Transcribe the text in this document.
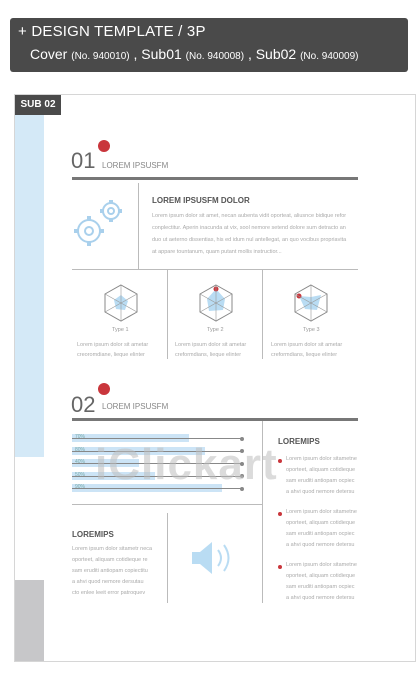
+ DESIGN TEMPLATE / 3P
Cover (No. 940010) , Sub01 (No. 940008) , Sub02 (No. 940009)
SUB 02
01 LOREM IPSUSFM
LOREM IPSUSFM DOLOR
Lorem ipsum dolor sit amet, necan aubenta vidit oporteat, aliusnce bidique refor
conplectitur. Aperin inacunda at vix, sool nemore setend dolore sum detracto an
duo ut aeterno dissentias, his ed idum nul antellegat, an quo vocibus propriavita
at appare tountanum, quam putant mollis instructior...
Type 1
Lorem ipsum dolor sit ametar
creoromdiane, lieque elinter
Type 2
Lorem ipsum dolor sit ametar
creformdians, lieque elinter
Type 3
Lorem ipsum dolor sit ametar
creformdians, lieque elinter
02 LOREM IPSUSFM
70%
80%
40%
50%
90%
LOREMIPS
Lorem ipsum dolor sitametr neca
oporteet, aliquam cotidieque re
sam eruditi antiopam copiectitu
a ahvi quod nemore dersutau
cto enlee leeit error patroquev
LOREMIPS
Lorem ipsum dolor sitametne
oporteet, aliquam cotidieque
sam eruditi antiopam ocpiec
a ahvi quod nemore detersu
Lorem ipsum dolor sitametne
oporteet, aliquam cotidieque
sam eruditi antiopam ocpiec
a ahvi quod nemore detersu
Lorem ipsum dolor sitametne
oporteet, aliquam cotidieque
sam eruditi antiopam ocpiec
a ahvi quod nemore detersu
iClickart
